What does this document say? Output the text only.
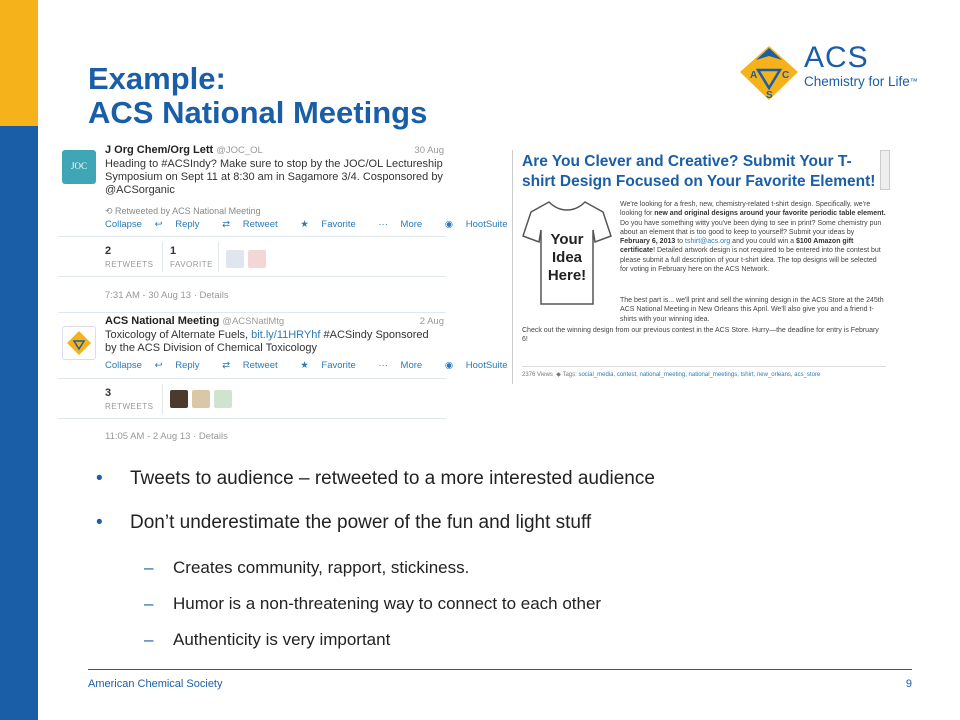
Example:
ACS National Meetings
A C
S
ACS
Chemistry for Life™
JOC
J Org Chem/Org Lett @JOC_OL	30 Aug
Heading to #ACSIndy? Make sure to stop by the JOC/OL Lectureship Symposium on Sept 11 at 8:30 am in Sagamore 3/4. Cosponsored by @ACSorganic
⟲ Retweeted by ACS National Meeting
Collapse ↩ Reply ⇄ Retweet ★ Favorite ··· More ◉ HootSuite
2
RETWEETS
1
FAVORITE
7:31 AM - 30 Aug 13 · Details
ACS National Meeting @ACSNatlMtg	2 Aug
Toxicology of Alternate Fuels, bit.ly/11HRYhf #ACSindy Sponsored by the ACS Division of Chemical Toxicology
Collapse ↩ Reply ⇄ Retweet ★ Favorite ··· More ◉ HootSuite
3
RETWEETS
11:05 AM - 2 Aug 13 · Details
Are You Clever and Creative? Submit Your T-
shirt Design Focused on Your Favorite Element!
Your
Idea
Here!
We're looking for a fresh, new, chemistry-related t-shirt design. Specifically, we're looking for new and original designs around your favorite periodic table element. Do you have something witty you've been dying to see in print? Some chemistry pun about an element that is too good to keep to yourself? Submit your ideas by February 6, 2013 to tshirt@acs.org and you could win a $100 Amazon gift certificate! Detailed artwork design is not required to be entered into the contest but please submit a full description of your t-shirt idea. The top designs will be selected for voting in February here on the ACS Network.
The best part is... we'll print and sell the winning design in the ACS Store at the 245th ACS National Meeting in New Orleans this April. We'll also give you and a friend t-shirts with your winning idea.
Check out the winning design from our previous contest in the ACS Store. Hurry—the deadline for entry is February 6!
2376 Views ◆ Tags: social_media, contest, national_meeting, national_meetings, tshirt, new_orleans, acs_store
• Tweets to audience – retweeted to a more interested audience
• Don’t underestimate the power of the fun and light stuff
– Creates community, rapport, stickiness.
– Humor is a non-threatening way to connect to each other
– Authenticity is very important
American Chemical Society	9
